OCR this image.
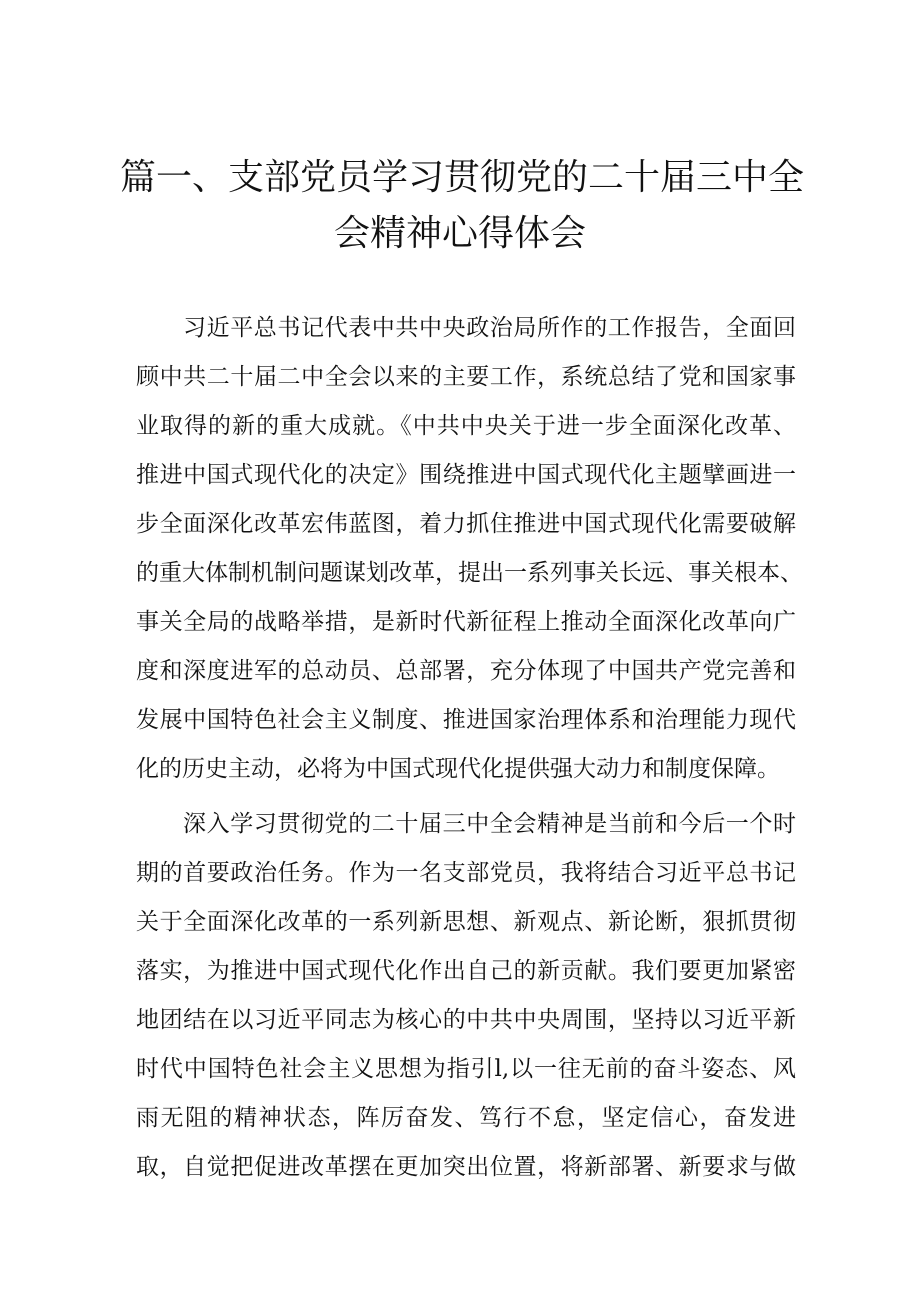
篇一、支部党员学习贯彻党的二十届三中全
会精神心得体会
习近平总书记代表中共中央政治局所作的工作报告，全面回
顾中共二十届二中全会以来的主要工作，系统总结了党和国家事
业取得的新的重大成就。《中共中央关于进一步全面深化改革、
推进中国式现代化的决定》围绕推进中国式现代化主题擘画进一
步全面深化改革宏伟蓝图，着力抓住推进中国式现代化需要破解
的重大体制机制问题谋划改革，提出一系列事关长远、事关根本、
事关全局的战略举措，是新时代新征程上推动全面深化改革向广
度和深度进军的总动员、总部署，充分体现了中国共产党完善和
发展中国特色社会主义制度、推进国家治理体系和治理能力现代
化的历史主动，必将为中国式现代化提供强大动力和制度保障。
深入学习贯彻党的二十届三中全会精神是当前和今后一个时
期的首要政治任务。作为一名支部党员，我将结合习近平总书记
关于全面深化改革的一系列新思想、新观点、新论断，狠抓贯彻
落实，为推进中国式现代化作出自己的新贡献。我们要更加紧密
地团结在以习近平同志为核心的中共中央周围，坚持以习近平新
时代中国特色社会主义思想为指引l,以一往无前的奋斗姿态、风
雨无阻的精神状态，阵厉奋发、笃行不怠，坚定信心，奋发进
取，自觉把促进改革摆在更加突出位置，将新部署、新要求与做
